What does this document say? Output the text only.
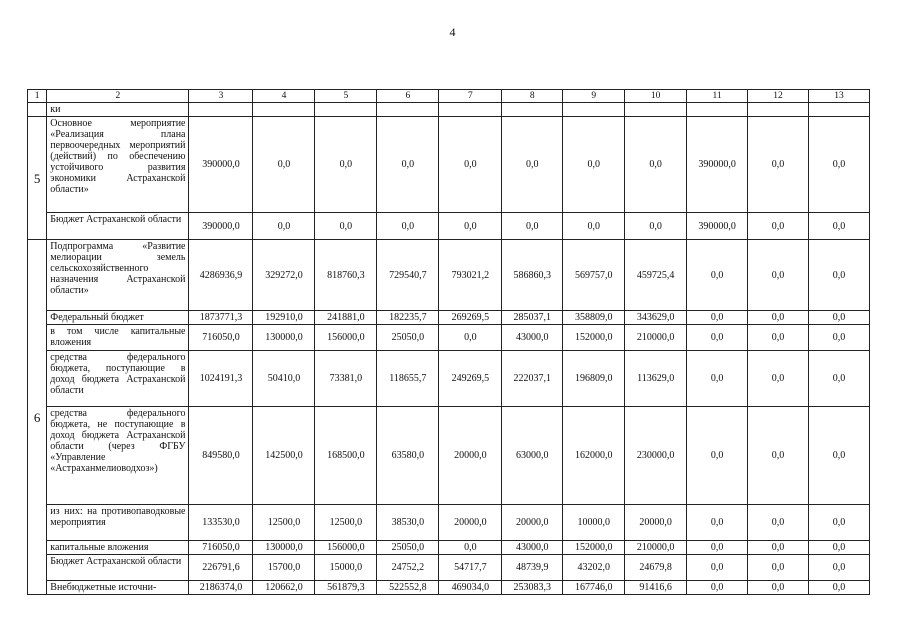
4
1	2	3	4	5	6	7	8	9	10	11	12	13
	ки											
5	Основное мероприятие «Реализация плана первоочередных мероприятий (действий) по обеспечению устойчивого развития экономики Астраханской области»	390000,0	0,0	0,0	0,0	0,0	0,0	0,0	0,0	390000,0	0,0	0,0
	Бюджет Астраханской области	390000,0	0,0	0,0	0,0	0,0	0,0	0,0	0,0	390000,0	0,0	0,0
6	Подпрограмма «Развитие мелиорации земель сельскохозяйственного назначения Астраханской области»	4286936,9	329272,0	818760,3	729540,7	793021,2	586860,3	569757,0	459725,4	0,0	0,0	0,0
	Федеральный бюджет	1873771,3	192910,0	241881,0	182235,7	269269,5	285037,1	358809,0	343629,0	0,0	0,0	0,0
	в том числе капитальные вложения	716050,0	130000,0	156000,0	25050,0	0,0	43000,0	152000,0	210000,0	0,0	0,0	0,0
	средства федерального бюджета, поступающие в доход бюджета Астраханской области	1024191,3	50410,0	73381,0	118655,7	249269,5	222037,1	196809,0	113629,0	0,0	0,0	0,0
	средства федерального бюджета, не поступающие в доход бюджета Астраханской области (через ФГБУ «Управление «Астраханмелиоводхоз»)	849580,0	142500,0	168500,0	63580,0	20000,0	63000,0	162000,0	230000,0	0,0	0,0	0,0
	из них: на противопаводковые мероприятия	133530,0	12500,0	12500,0	38530,0	20000,0	20000,0	10000,0	20000,0	0,0	0,0	0,0
	капитальные вложения	716050,0	130000,0	156000,0	25050,0	0,0	43000,0	152000,0	210000,0	0,0	0,0	0,0
	Бюджет Астраханской области	226791,6	15700,0	15000,0	24752,2	54717,7	48739,9	43202,0	24679,8	0,0	0,0	0,0
	Внебюджетные источни-	2186374,0	120662,0	561879,3	522552,8	469034,0	253083,3	167746,0	91416,6	0,0	0,0	0,0
